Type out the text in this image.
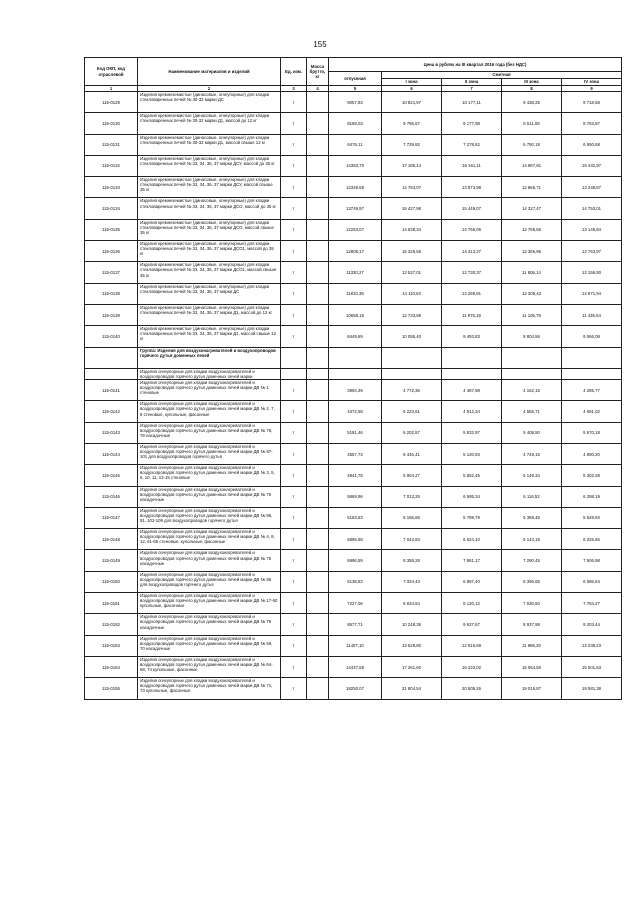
155
Код ОКП, код отраслевой	Наименование материалов и изделий	Ед. изм.	Масса брутто, кг	Цена в рублях на III квартал 2016 года (без НДС)				
				отпускная	Сметная			
					I зона	II зона	III зона	IV зона
1	2	3	4	5	6	7	8	9
115-0129	Изделия кремнеземистые (динасовые, огнеупорные) для кладки стекловаренных печей № 30-32 марки ДС	т		9057,83	10 821,97	10 177,11	9 438,25	9 718,58
115-0130	Изделия кремнеземистые (динасовые, огнеупорные) для кладки стекловаренных печей № 30-32 марки Д1, массой до 12 кг	т		8168,03	9 756,67	9 177,98	8 511,08	8 763,87
115-0131	Изделия кремнеземистые (динасовые, огнеупорные) для кладки стекловаренных печей № 30-32 марки Д1, массой свыше 12 кг	т		6476,11	7 739,82	7 278,62	6 750,19	6 950,68
115-0132	Изделия кремнеземистые (динасовые, огнеупорные) для кладки стекловаренных печей № 33, 34, 36, 37 марки ДСУ, массой до 35 кг	т		14363,70	17 185,14	16 161,11	14 987,81	15 432,97
115-0133	Изделия кремнеземистые (динасовые, огнеупорные) для кладки стекловаренных печей № 33, 34, 36, 37 марки ДСУ, массой свыше 35 кг	т		12349,69	14 753,07	13 873,98	12 866,71	13 248,87
115-0134	Изделия кремнеземистые (динасовые, огнеупорные) для кладки стекловаренных печей № 33, 34, 36, 37 марки ДСО, массой до 35 кг	т		13749,97	16 427,98	15 449,07	14 327,47	14 753,01
115-0135	Изделия кремнеземистые (динасовые, огнеупорные) для кладки стекловаренных печей № 33, 34, 36, 37 марки ДСО, массой свыше 35 кг	т		12253,07	14 638,34	13 766,06	12 766,66	13 145,84
115-0136	Изделия кремнеземистые (динасовые, огнеупорные) для кладки стекловаренных печей № 33, 34, 36, 37 марки ДСО1, массой до 35 кг	т		12808,17	15 326,65	14 413,37	13 366,96	13 763,97
115-0137	Изделия кремнеземистые (динасовые, огнеупорные) для кладки стекловаренных печей № 33, 34, 36, 37 марки ДСО1, массой свыше 35 кг	т		11330,27	13 537,01	12 730,37	11 806,14	12 156,80
115-0138	Изделия кремнеземистые (динасовые, огнеупорные) для кладки стекловаренных печей № 33, 34, 36, 37 марки ДС	т		11810,39	14 110,63	13 269,81	12 306,42	12 671,94
115-0139	Изделия кремнеземистые (динасовые, огнеупорные) для кладки стекловаренных печей № 33, 34, 36, 37 марки Д1, массой до 12 кг	т		10658,15	12 733,98	11 975,19	11 105,79	11 435,64
115-0140	Изделия кремнеземистые (динасовые, огнеупорные) для кладки стекловаренных печей № 33, 34, 36, 37 марки Д1, массой свыше 12 кг	т		8449,69	10 095,40	9 493,83	8 804,56	9 066,09
	Группа: Изделия для воздухонагревателей и воздухопроводов горячего дутья доменных печей							
	Изделия огнеупорные для кладки воздухонагревателей и воздухопроводов горячего дутья доменных печей марки							
115-0141	Изделия огнеупорные для кладки воздухонагревателей и воздухопроводов горячего дутья доменных печей марки ДВ № 1 стеновые	т		3994,39	4 772,36	4 487,98	4 162,15	4 285,77
115-0142	Изделия огнеупорные для кладки воздухонагревателей и воздухопроводов горячего дутья доменных печей марки ДВ № 2, 7, 8 стеновые, купольные, фасонные	т		4372,58	5 223,61	4 912,34	4 555,71	4 691,02
115-0143	Изделия огнеупорные для кладки воздухонагревателей и воздухопроводов горячего дутья доменных печей марки ДВ № 78, 79 насадочные	т		5191,46	6 202,57	5 832,97	5 409,50	5 570,18
115-0144	Изделия огнеупорные для кладки воздухонагревателей и воздухопроводов горячего дутья доменных печей марки ДВ № 87-101 для воздухопроводов горячего дутья	т		4557,73	5 445,41	5 120,93	4 749,15	4 890,20
115-0145	Изделия огнеупорные для кладки воздухонагревателей и воздухопроводов горячего дутья доменных печей марки ДВ № 3, 5, 6, 10, 11, 13-15 стеновые	т		4941,78	5 904,27	5 552,45	5 149,34	5 302,28
115-0146	Изделия огнеупорные для кладки воздухонагревателей и воздухопроводов горячего дутья доменных печей марки ДВ № 76 насадочные	т		5869,96	7 013,25	6 595,34	6 116,52	6 298,19
115-0147	Изделия огнеупорные для кладки воздухонагревателей и воздухопроводов горячего дутья доменных печей марки ДВ № 86, 91, 102-109 для воздухопроводов горячего дутья	т		5153,63	6 156,66	5 789,79	5 369,45	5 528,93
115-0148	Изделия огнеупорные для кладки воздухонагревателей и воздухопроводов горячего дутья доменных печей марки ДВ № 4, 9, 12, 61-65 стеновые, купольные, фасонные	т		5895,58	7 043,83	6 624,10	6 143,19	6 325,65
115-0149	Изделия огнеупорные для кладки воздухонагревателей и воздухопроводов горячего дутья доменных печей марки ДВ № 75 насадочные	т		6996,59	8 359,28	7 861,17	7 290,45	7 506,98
115-0150	Изделия огнеупорные для кладки воздухонагревателей и воздухопроводов горячего дутья доменных печей марки ДВ № 85 для воздухопроводов горячего дутья	т		6138,82	7 334,44	6 897,40	6 396,65	6 586,64
115-0151	Изделия огнеупорные для кладки воздухонагревателей и воздухопроводов горячего дутья доменных печей марки ДВ № 17-60 купольные, фасонные	т		7227,06	8 634,64	8 120,12	7 530,60	7 754,27
115-0152	Изделия огнеупорные для кладки воздухонагревателей и воздухопроводов горячего дутья доменных печей марки ДВ № 79 насадочные	т		8577,71	10 248,35	9 637,67	8 937,98	9 203,44
115-0153	Изделия огнеупорные для кладки воздухонагревателей и воздухопроводов горячего дутья доменных печей марки ДВ № 69, 70 насадочные	т		11407,10	13 628,80	12 816,69	11 886,20	12 239,23
115-0154	Изделия огнеупорные для кладки воздухонагревателей и воздухопроводов горячего дутья доменных печей марки ДВ № 64-68, 74 купольные, фасонные	т		14447,69	17 261,60	16 233,02	15 054,50	15 501,63
115-0155	Изделия огнеупорные для кладки воздухонагревателей и воздухопроводов горячего дутья доменных печей марки ДВ № 71, 73 купольные, фасонные	т		18250,07	21 804,54	20 505,26	19 016,87	19 581,38
